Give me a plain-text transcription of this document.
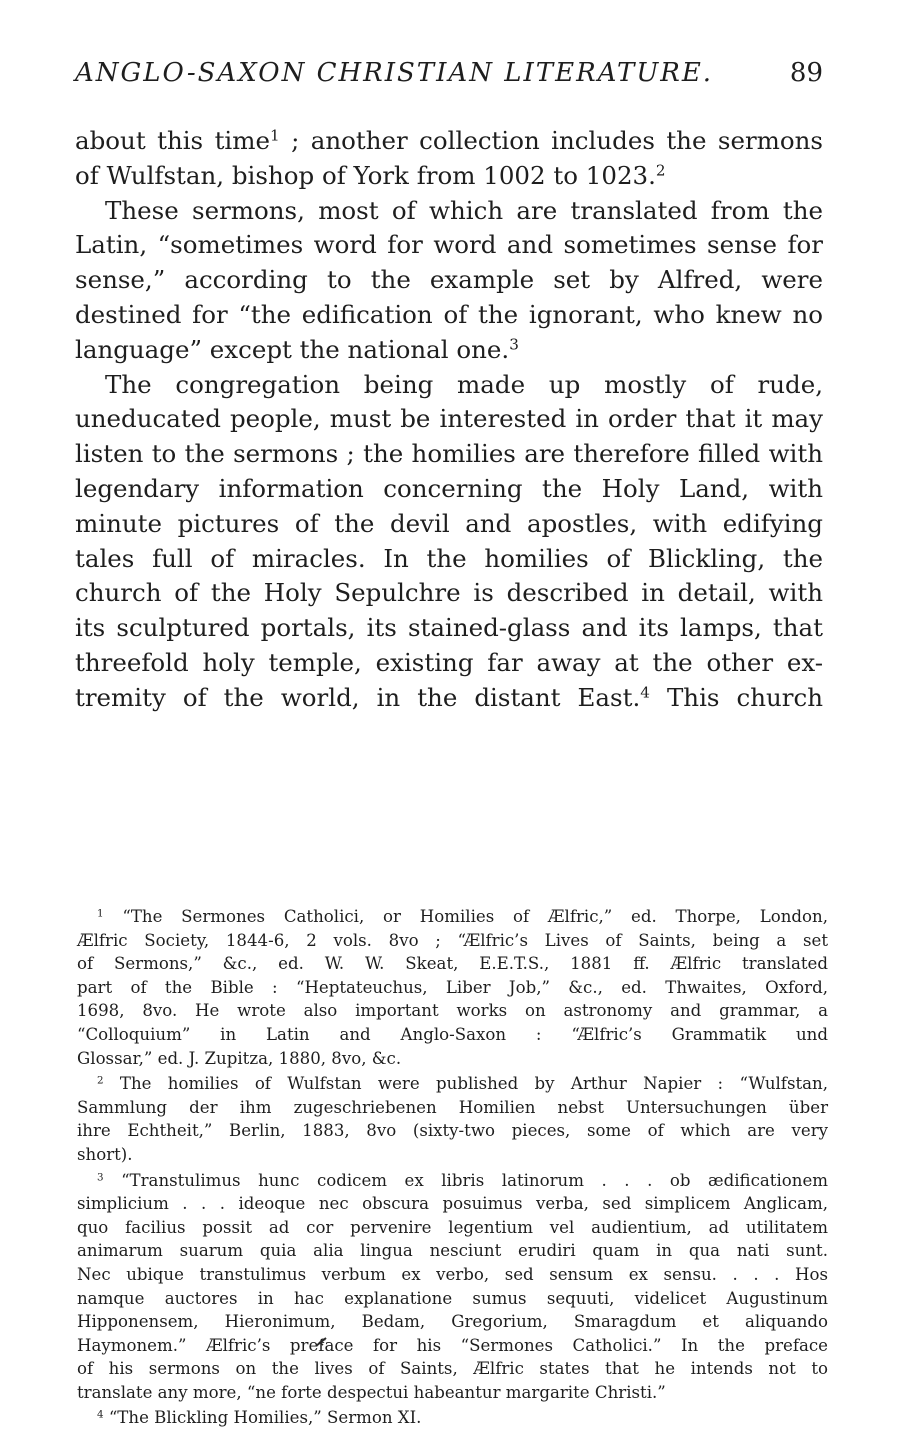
ANGLO-SAXON CHRISTIAN LITERATURE.	89
about this time$^1$ ; another collection includes the sermons
of Wulfstan, bishop of York from 1002 to 1023.$^2$
These sermons, most of which are translated from the
Latin, “sometimes word for word and sometimes sense for
sense,” according to the example set by Alfred, were
destined for “the edification of the ignorant, who knew no
language” except the national one.$^3$
The congregation being made up mostly of rude,
uneducated people, must be interested in order that it may
listen to the sermons ; the homilies are therefore filled with
legendary information concerning the Holy Land, with
minute pictures of the devil and apostles, with edifying
tales full of miracles. In the homilies of Blickling, the
church of the Holy Sepulchre is described in detail, with
its sculptured portals, its stained-glass and its lamps, that
threefold holy temple, existing far away at the other ex-
tremity of the world, in the distant East.$^4$ This church
$^1$ “The Sermones Catholici, or Homilies of Ælfric,” ed. Thorpe, London,
Ælfric Society, 1844-6, 2 vols. 8vo ; “Ælfric’s Lives of Saints, being a set
of Sermons,” &c., ed. W. W. Skeat, E.E.T.S., 1881 ff. Ælfric translated
part of the Bible : “Heptateuchus, Liber Job,” &c., ed. Thwaites, Oxford,
1698, 8vo. He wrote also important works on astronomy and grammar, a
“Colloquium” in Latin and Anglo-Saxon : “Ælfric’s Grammatik und
Glossar,” ed. J. Zupitza, 1880, 8vo, &c.
$^2$ The homilies of Wulfstan were published by Arthur Napier : “Wulfstan,
Sammlung der ihm zugeschriebenen Homilien nebst Untersuchungen über
ihre Echtheit,” Berlin, 1883, 8vo (sixty-two pieces, some of which are very
short).
$^3$ “Transtulimus hunc codicem ex libris latinorum . . . ob ædificationem
simplicium . . . ideoque nec obscura posuimus verba, sed simplicem Anglicam,
quo facilius possit ad cor pervenire legentium vel audientium, ad utilitatem
animarum suarum quia alia lingua nesciunt erudiri quam in qua nati sunt.
Nec ubique transtulimus verbum ex verbo, sed sensum ex sensu. . . . Hos
namque auctores in hac explanatione sumus sequuti, videlicet Augustinum
Hipponensem, Hieronimum, Bedam, Gregorium, Smaragdum et aliquando
Haymonem.” Ælfric’s preface for his “Sermones Catholici.” In the preface
of his sermons on the lives of Saints, Ælfric states that he intends not to
translate any more, “ne forte despectui habeantur margarite Christi.”
$^4$ “The Blickling Homilies,” Sermon XI.
